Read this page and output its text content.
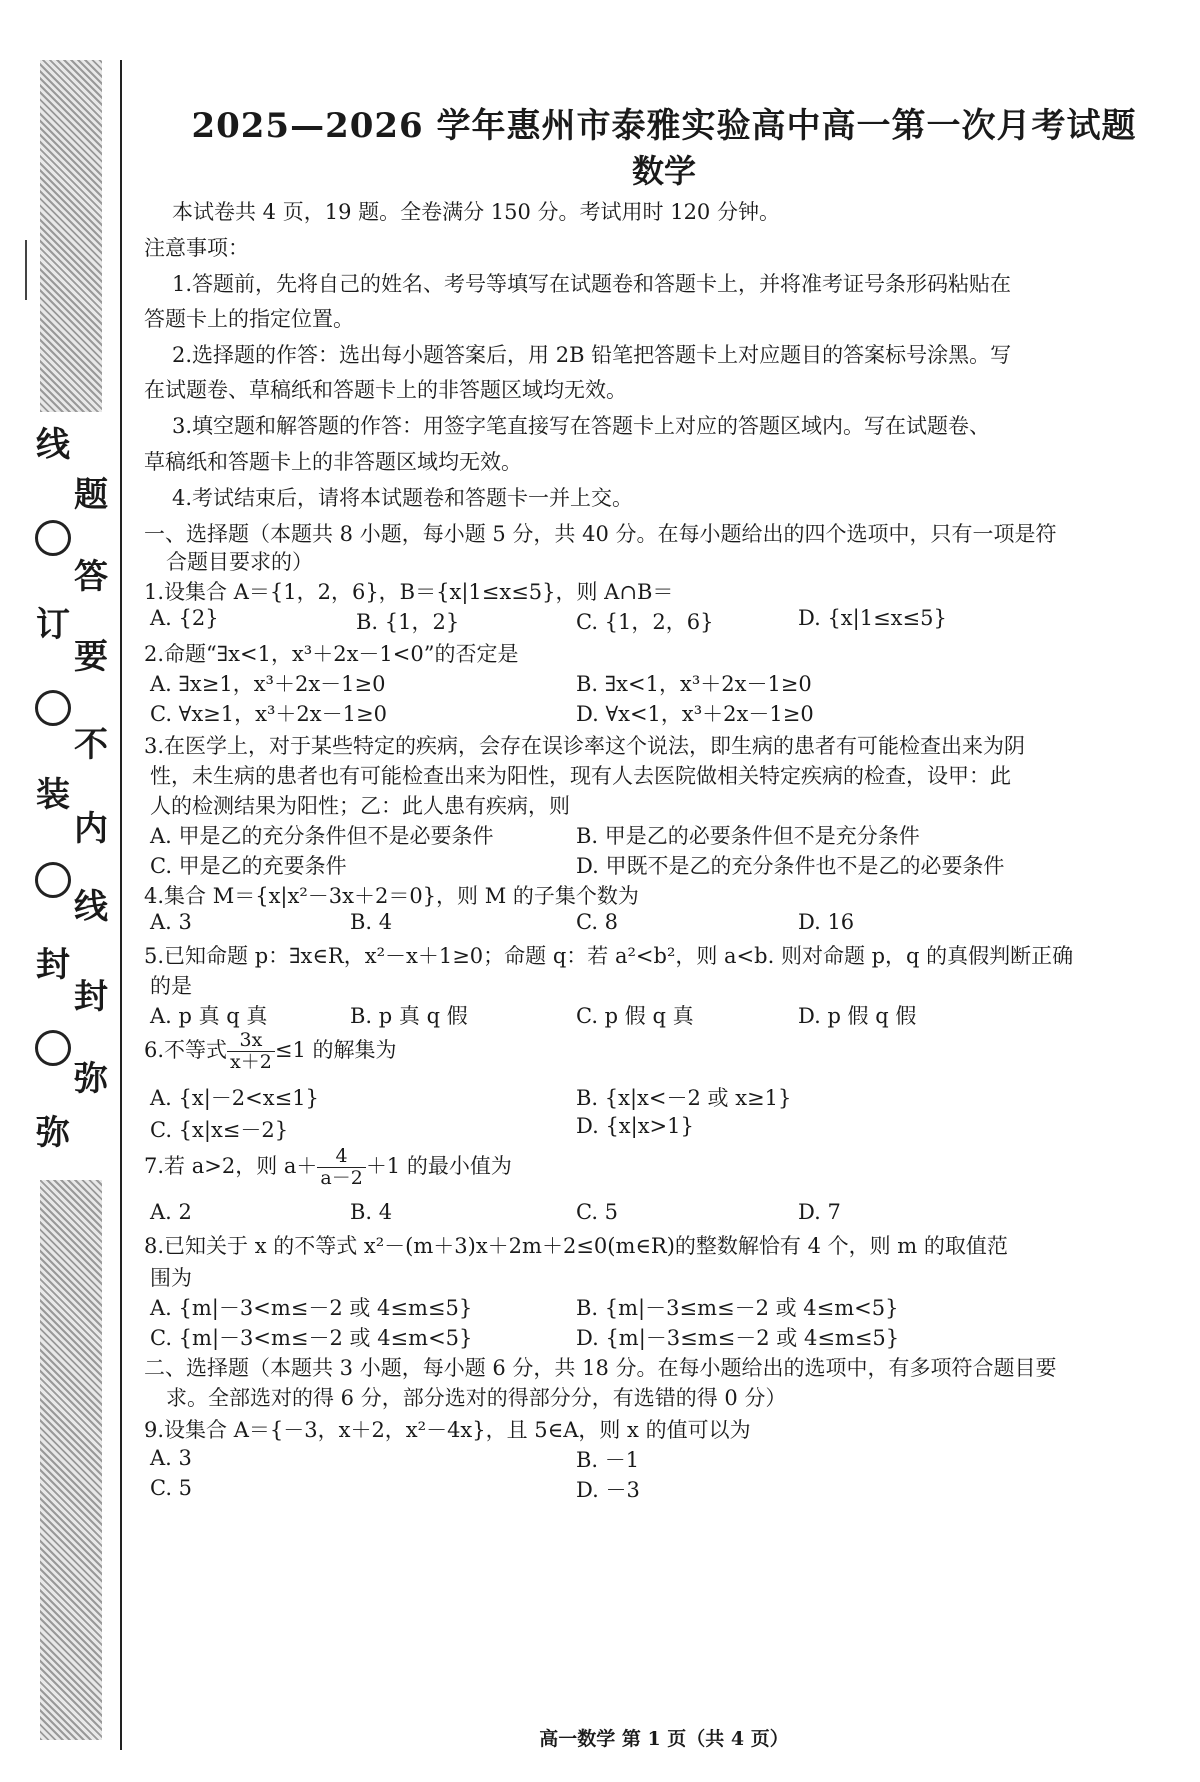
线
订
装
封
弥
题
答
要
不
内
线
封
弥
2025—2026 学年惠州市泰雅实验高中高一第一次月考试题
数学
本试卷共 4 页，19 题。全卷满分 150 分。考试用时 120 分钟。
注意事项：
1.答题前，先将自己的姓名、考号等填写在试题卷和答题卡上，并将准考证号条形码粘贴在
答题卡上的指定位置。
2.选择题的作答：选出每小题答案后，用 2B 铅笔把答题卡上对应题目的答案标号涂黑。写
在试题卷、草稿纸和答题卡上的非答题区域均无效。
3.填空题和解答题的作答：用签字笔直接写在答题卡上对应的答题区域内。写在试题卷、
草稿纸和答题卡上的非答题区域均无效。
4.考试结束后，请将本试题卷和答题卡一并上交。
一、选择题（本题共 8 小题，每小题 5 分，共 40 分。在每小题给出的四个选项中，只有一项是符
合题目要求的）
1.设集合 A＝{1，2，6}，B＝{x|1≤x≤5}，则 A∩B＝
A. {2}	B. {1，2}	C. {1，2，6}	D. {x|1≤x≤5}
2.命题“∃x<1，x³＋2x－1<0”的否定是
A. ∃x≥1，x³＋2x－1≥0	B. ∃x<1，x³＋2x－1≥0
C. ∀x≥1，x³＋2x－1≥0	D. ∀x<1，x³＋2x－1≥0
3.在医学上，对于某些特定的疾病，会存在误诊率这个说法，即生病的患者有可能检查出来为阴
性，未生病的患者也有可能检查出来为阳性，现有人去医院做相关特定疾病的检查，设甲：此
人的检测结果为阳性；乙：此人患有疾病，则
A. 甲是乙的充分条件但不是必要条件	B. 甲是乙的必要条件但不是充分条件
C. 甲是乙的充要条件	D. 甲既不是乙的充分条件也不是乙的必要条件
4.集合 M＝{x|x²－3x＋2＝0}，则 M 的子集个数为
A. 3	B. 4	C. 8	D. 16
5.已知命题 p：∃x∈R，x²－x＋1≥0；命题 q：若 a²<b²，则 a<b. 则对命题 p，q 的真假判断正确
的是
A. p 真 q 真	B. p 真 q 假	C. p 假 q 真	D. p 假 q 假
6.不等式 $\frac{3x}{x+2} \le 1$ 的解集为
A. {x|－2<x≤1}	B. {x|x<－2 或 x≥1}
C. {x|x≤－2}	D. {x|x>1}
7.若 a>2，则 $a+ \frac{4}{a-2} +1$ 的最小值为
A. 2	B. 4	C. 5	D. 7
8.已知关于 x 的不等式 x²－(m＋3)x＋2m＋2≤0(m∈R)的整数解恰有 4 个，则 m 的取值范
围为
A. {m|－3<m≤－2 或 4≤m≤5}	B. {m|－3≤m≤－2 或 4≤m<5}
C. {m|－3<m≤－2 或 4≤m<5}	D. {m|－3≤m≤－2 或 4≤m≤5}
二、选择题（本题共 3 小题，每小题 6 分，共 18 分。在每小题给出的选项中，有多项符合题目要
求。全部选对的得 6 分，部分选对的得部分分，有选错的得 0 分）
9.设集合 A＝{－3，x＋2，x²－4x}，且 5∈A，则 x 的值可以为
A. 3	B. －1
C. 5	D. －3
高一数学 第 1 页（共 4 页）
